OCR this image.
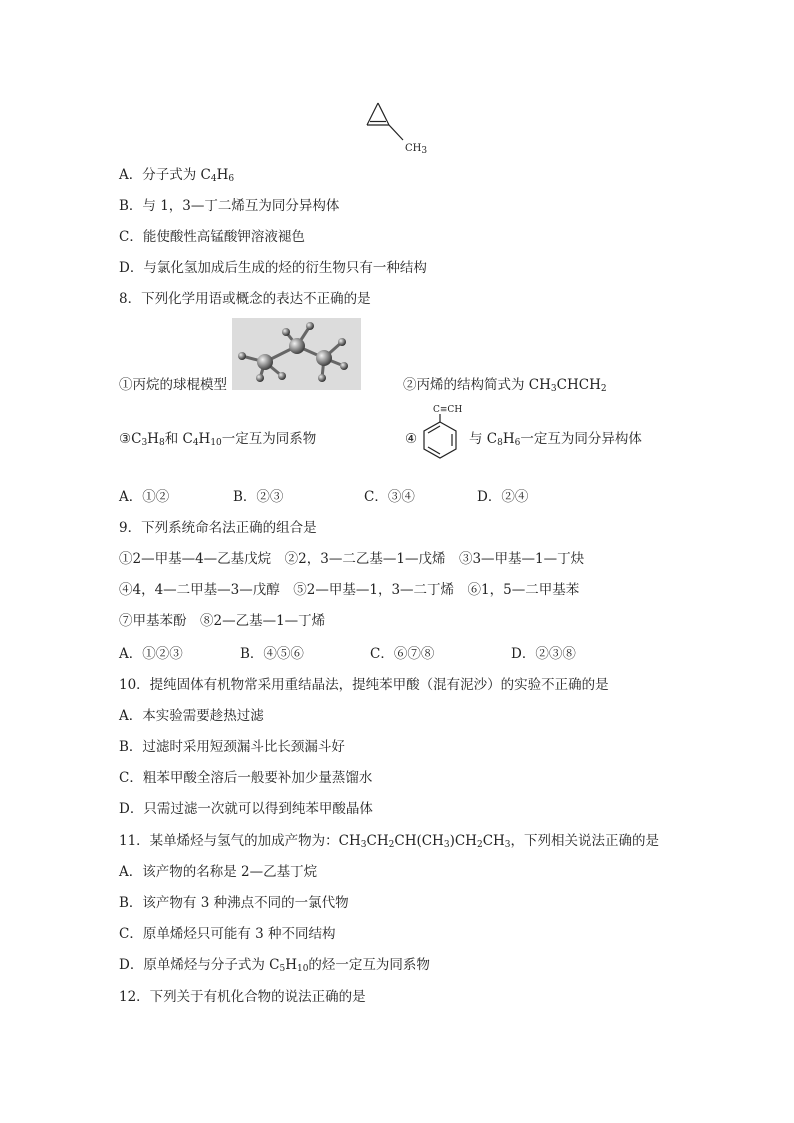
$CH_3$
A．分子式为 $C_4H_6$
B．与 1，3—丁二烯互为同分异构体
C．能使酸性高锰酸钾溶液褪色
D．与氯化氢加成后生成的烃的衍生物只有一种结构
8．下列化学用语或概念的表达不正确的是
①丙烷的球棍模型	②丙烯的结构简式为 $CH_3CHCH_2$
C≡CH
$③C_3H_8$和 $C_4H_{10}$一定互为同系物	④	与 $C_8H_6$一定互为同分异构体
A．①②	B．②③	C．③④	D．②④
9．下列系统命名法正确的组合是
①2—甲基—4—乙基戊烷　②2，3—二乙基—1—戊烯　③3—甲基—1—丁炔
④4，4—二甲基—3—戊醇　⑤2—甲基—1，3—二丁烯　⑥1，5—二甲基苯
⑦甲基苯酚　⑧2—乙基—1—丁烯
A．①②③	B．④⑤⑥	C．⑥⑦⑧	D．②③⑧
10．提纯固体有机物常采用重结晶法，提纯苯甲酸（混有泥沙）的实验不正确的是
A．本实验需要趁热过滤
B．过滤时采用短颈漏斗比长颈漏斗好
C．粗苯甲酸全溶后一般要补加少量蒸馏水
D．只需过滤一次就可以得到纯苯甲酸晶体
11．某单烯烃与氢气的加成产物为：$CH_3CH_2CH(CH_3)CH_2CH_3$，下列相关说法正确的是
A．该产物的名称是 2—乙基丁烷
B．该产物有 3 种沸点不同的一氯代物
C．原单烯烃只可能有 3 种不同结构
D．原单烯烃与分子式为 $C_5H_{10}$的烃一定互为同系物
12．下列关于有机化合物的说法正确的是
